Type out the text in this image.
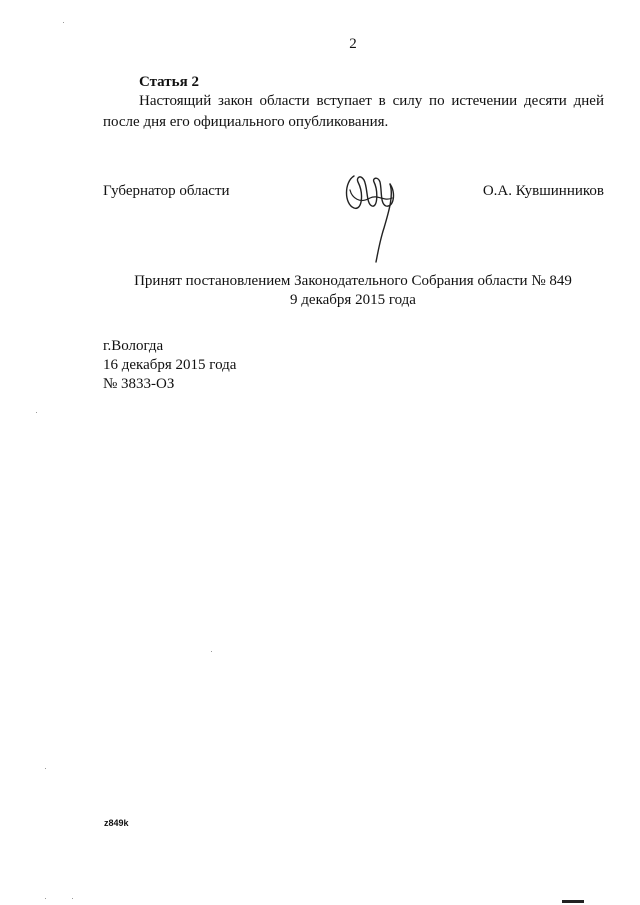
2
Статья 2
Настоящий закон области вступает в силу по истечении десяти дней
после дня его официального опубликования.
Губернатор области	О.А. Кувшинников
Принят постановлением Законодательного Собрания области № 849
9 декабря 2015 года
г.Вологда
16 декабря 2015 года
№ 3833-ОЗ
z849k
